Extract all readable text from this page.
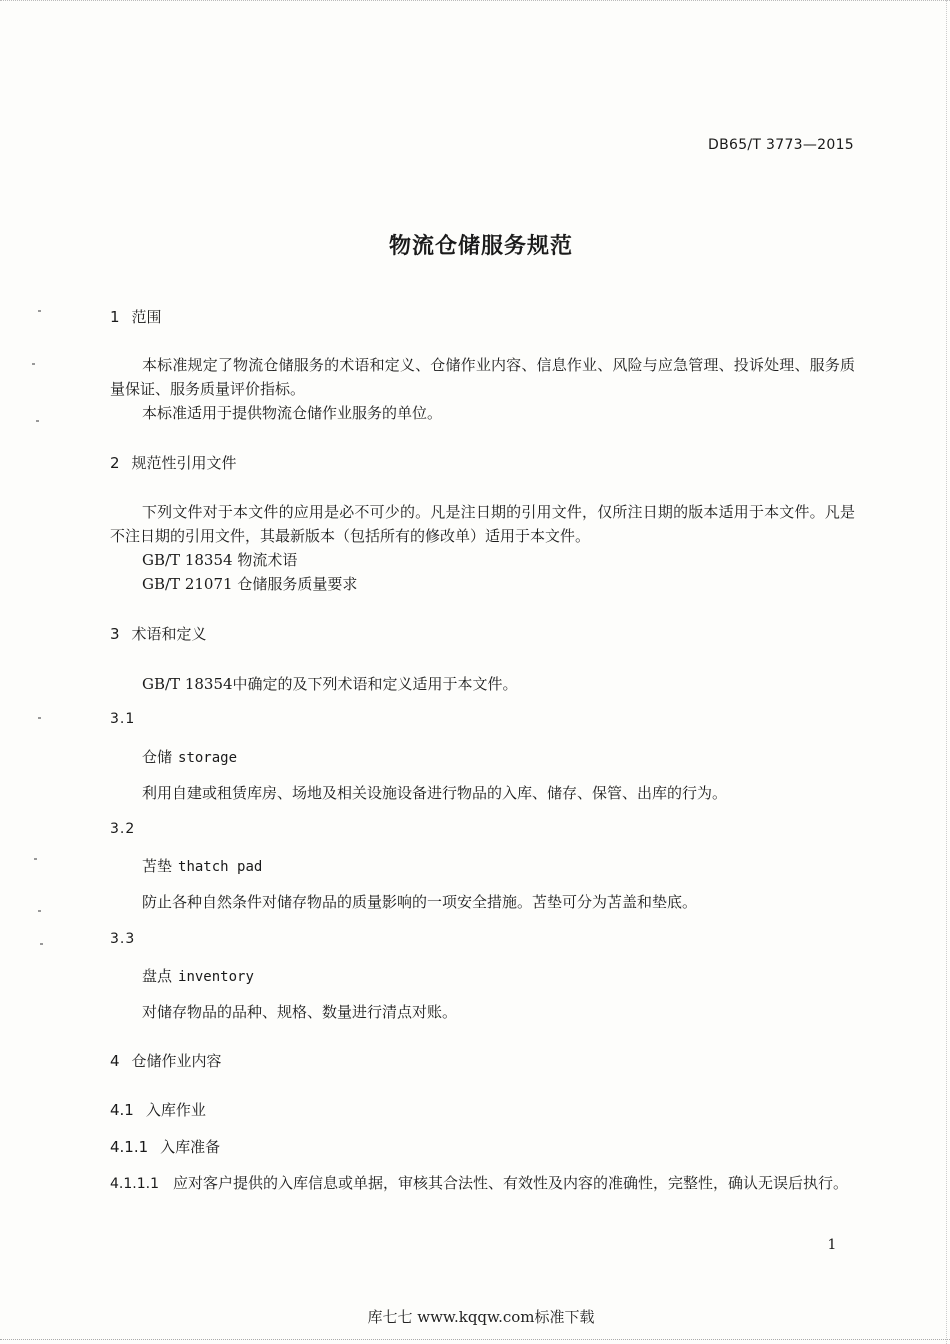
DB65/T 3773—2015
物流仓储服务规范
1 范围
本标准规定了物流仓储服务的术语和定义、仓储作业内容、信息作业、风险与应急管理、投诉处理、服务质量保证、服务质量评价指标。
本标准适用于提供物流仓储作业服务的单位。
2 规范性引用文件
下列文件对于本文件的应用是必不可少的。凡是注日期的引用文件，仅所注日期的版本适用于本文件。凡是不注日期的引用文件，其最新版本（包括所有的修改单）适用于本文件。
GB/T 18354 物流术语
GB/T 21071 仓储服务质量要求
3 术语和定义
GB/T 18354中确定的及下列术语和定义适用于本文件。
3.1
仓储 storage
利用自建或租赁库房、场地及相关设施设备进行物品的入库、储存、保管、出库的行为。
3.2
苫垫 thatch pad
防止各种自然条件对储存物品的质量影响的一项安全措施。苫垫可分为苫盖和垫底。
3.3
盘点 inventory
对储存物品的品种、规格、数量进行清点对账。
4 仓储作业内容
4.1 入库作业
4.1.1 入库准备
4.1.1.1 应对客户提供的入库信息或单据，审核其合法性、有效性及内容的准确性，完整性，确认无误后执行。
1
库七七 www.kqqw.com标准下载
